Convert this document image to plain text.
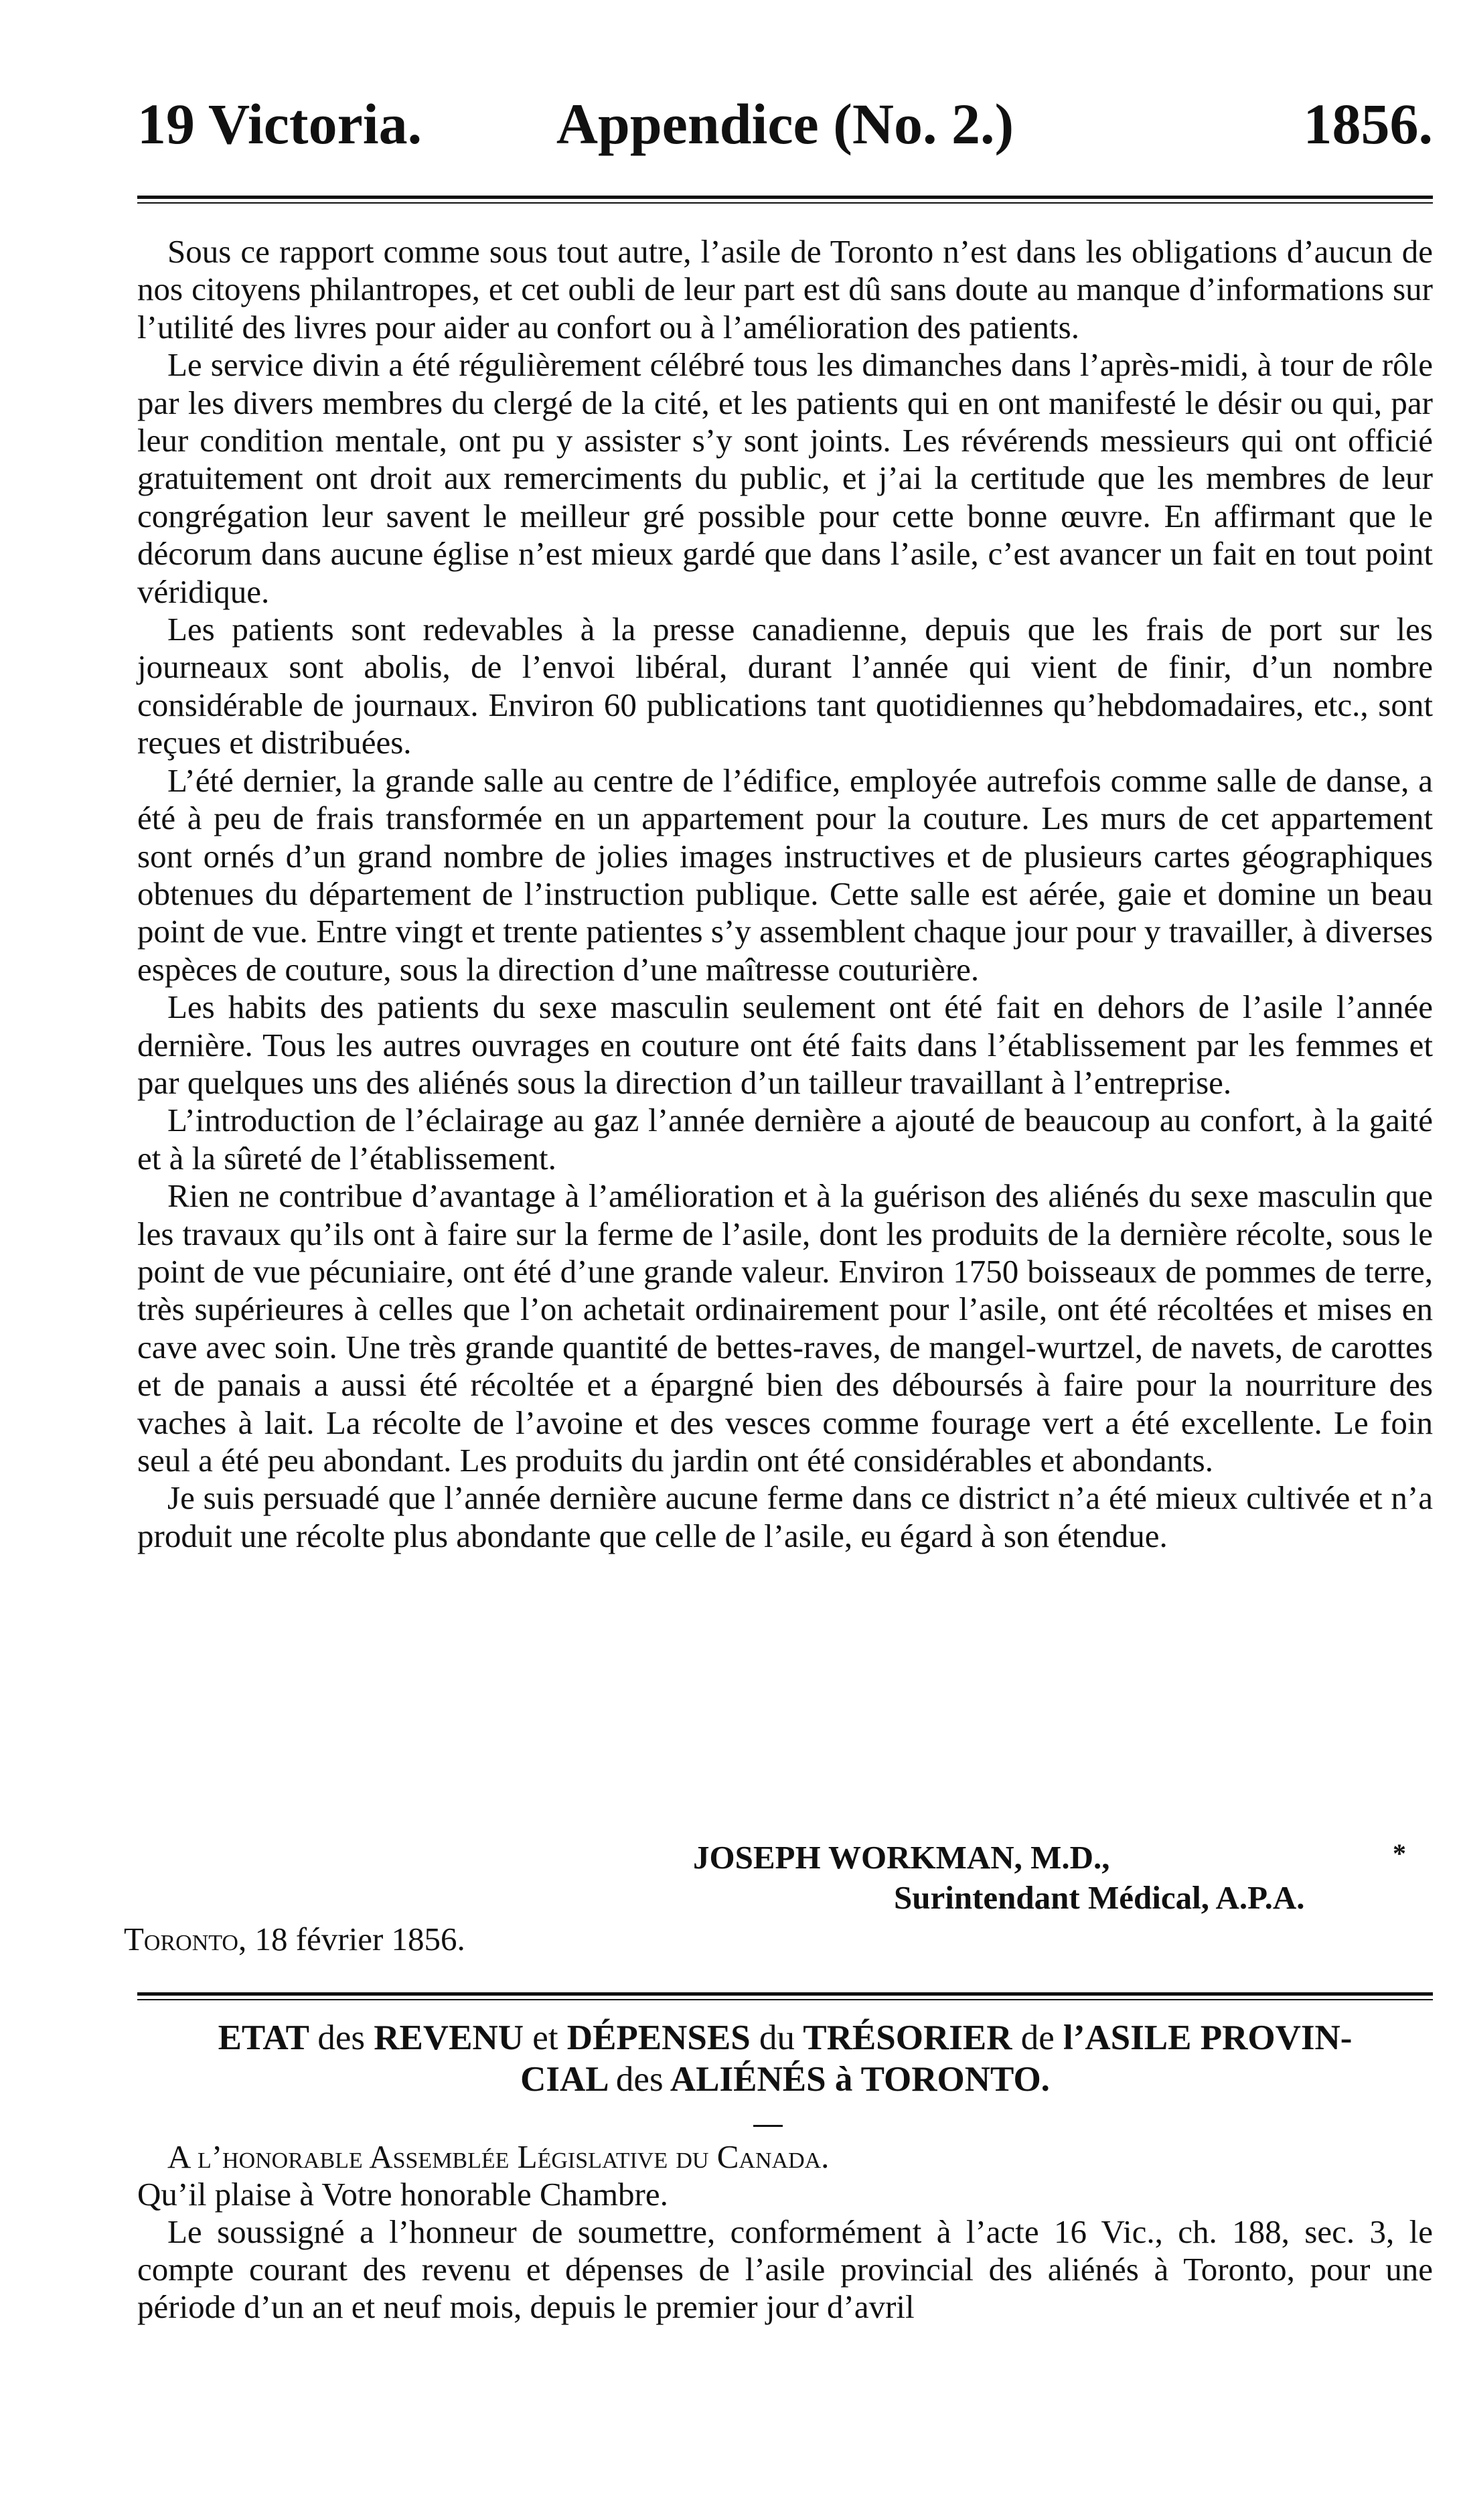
19 Victoria.	Appendice (No. 2.)	1856.

Sous ce rapport comme sous tout autre, l’asile de Toronto n’est dans les obligations d’aucun de nos citoyens philantropes, et cet oubli de leur part est dû sans doute au manque d’informations sur l’utilité des livres pour aider au confort ou à l’amélioration des patients.

Le service divin a été régulièrement célébré tous les dimanches dans l’après-midi, à tour de rôle par les divers membres du clergé de la cité, et les patients qui en ont manifesté le désir ou qui, par leur condition mentale, ont pu y assister s’y sont joints. Les révérends messieurs qui ont officié gratuitement ont droit aux remerciments du public, et j’ai la certitude que les membres de leur congrégation leur savent le meilleur gré possible pour cette bonne œuvre. En affirmant que le décorum dans aucune église n’est mieux gardé que dans l’asile, c’est avancer un fait en tout point véridique.

Les patients sont redevables à la presse canadienne, depuis que les frais de port sur les journeaux sont abolis, de l’envoi libéral, durant l’année qui vient de finir, d’un nombre considérable de journaux. Environ 60 publications tant quotidiennes qu’hebdomadaires, etc., sont reçues et distribuées.

L’été dernier, la grande salle au centre de l’édifice, employée autrefois comme salle de danse, a été à peu de frais transformée en un appartement pour la couture. Les murs de cet appartement sont ornés d’un grand nombre de jolies images instructives et de plusieurs cartes géographiques obtenues du département de l’instruction publique. Cette salle est aérée, gaie et domine un beau point de vue. Entre vingt et trente patientes s’y assemblent chaque jour pour y travailler, à diverses espèces de couture, sous la direction d’une maîtresse couturière.

Les habits des patients du sexe masculin seulement ont été fait en dehors de l’asile l’année dernière. Tous les autres ouvrages en couture ont été faits dans l’établissement par les femmes et par quelques uns des aliénés sous la direction d’un tailleur travaillant à l’entreprise.

L’introduction de l’éclairage au gaz l’année dernière a ajouté de beaucoup au confort, à la gaité et à la sûreté de l’établissement.

Rien ne contribue d’avantage à l’amélioration et à la guérison des aliénés du sexe masculin que les travaux qu’ils ont à faire sur la ferme de l’asile, dont les produits de la dernière récolte, sous le point de vue pécuniaire, ont été d’une grande valeur. Environ 1750 boisseaux de pommes de terre, très supérieures à celles que l’on achetait ordinairement pour l’asile, ont été récoltées et mises en cave avec soin. Une très grande quantité de bettes-raves, de mangel-wurtzel, de navets, de carottes et de panais a aussi été récoltée et a épargné bien des déboursés à faire pour la nourriture des vaches à lait. La récolte de l’avoine et des vesces comme fourage vert a été excellente. Le foin seul a été peu abondant. Les produits du jardin ont été considérables et abondants.

Je suis persuadé que l’année dernière aucune ferme dans ce district n’a été mieux cultivée et n’a produit une récolte plus abondante que celle de l’asile, eu égard à son étendue.

JOSEPH WORKMAN, M.D.,	*
Surintendant Médical, A.P.A.
Toronto, 18 février 1856.
ETAT des REVENU et DÉPENSES du TRÉSORIER de l’ASILE PROVIN-
CIAL des ALIÉNÉS à TORONTO.

A l’honorable Assemblée Législative du Canada.

Qu’il plaise à Votre honorable Chambre.

Le soussigné a l’honneur de soumettre, conformément à l’acte 16 Vic., ch. 188, sec. 3, le compte courant des revenu et dépenses de l’asile provincial des aliénés à Toronto, pour une période d’un an et neuf mois, depuis le premier jour d’avril
